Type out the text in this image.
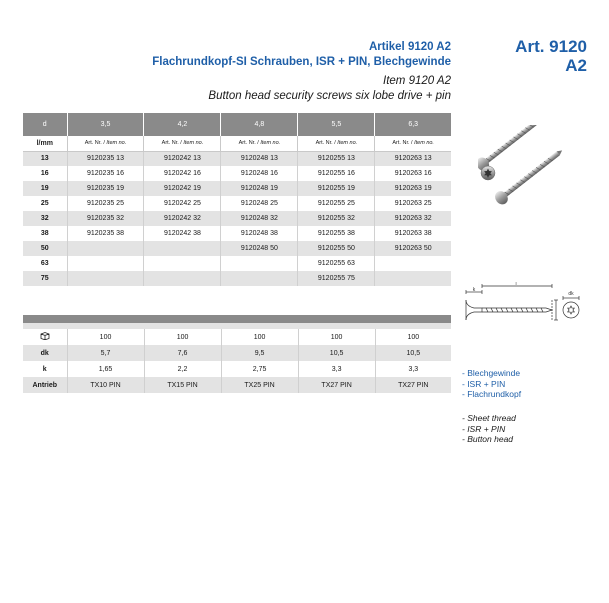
Artikel 9120 A2
Flachrundkopf-SI Schrauben, ISR + PIN, Blechgewinde
Item 9120 A2
Button head security screws six lobe drive + pin
Art. 9120
A2
d	3,5	4,2	4,8	5,5	6,3
l/mm	Art. Nr. / Item no.	Art. Nr. / Item no.	Art. Nr. / Item no.	Art. Nr. / Item no.	Art. Nr. / Item no.
13	9120235 13	9120242 13	9120248 13	9120255 13	9120263 13
16	9120235 16	9120242 16	9120248 16	9120255 16	9120263 16
19	9120235 19	9120242 19	9120248 19	9120255 19	9120263 19
25	9120235 25	9120242 25	9120248 25	9120255 25	9120263 25
32	9120235 32	9120242 32	9120248 32	9120255 32	9120263 32
38	9120235 38	9120242 38	9120248 38	9120255 38	9120263 38
50			9120248 50	9120255 50	9120263 50
63				9120255 63	
75				9120255 75	

	100	100	100	100	100
dk	5,7	7,6	9,5	10,5	10,5
k	1,65	2,2	2,75	3,3	3,3
Antrieb	TX10 PIN	TX15 PIN	TX25 PIN	TX27 PIN	TX27 PIN
l
k
dk
- Blechgewinde
- ISR + PIN
- Flachrundkopf
- Sheet thread
- ISR + PIN
- Button head
